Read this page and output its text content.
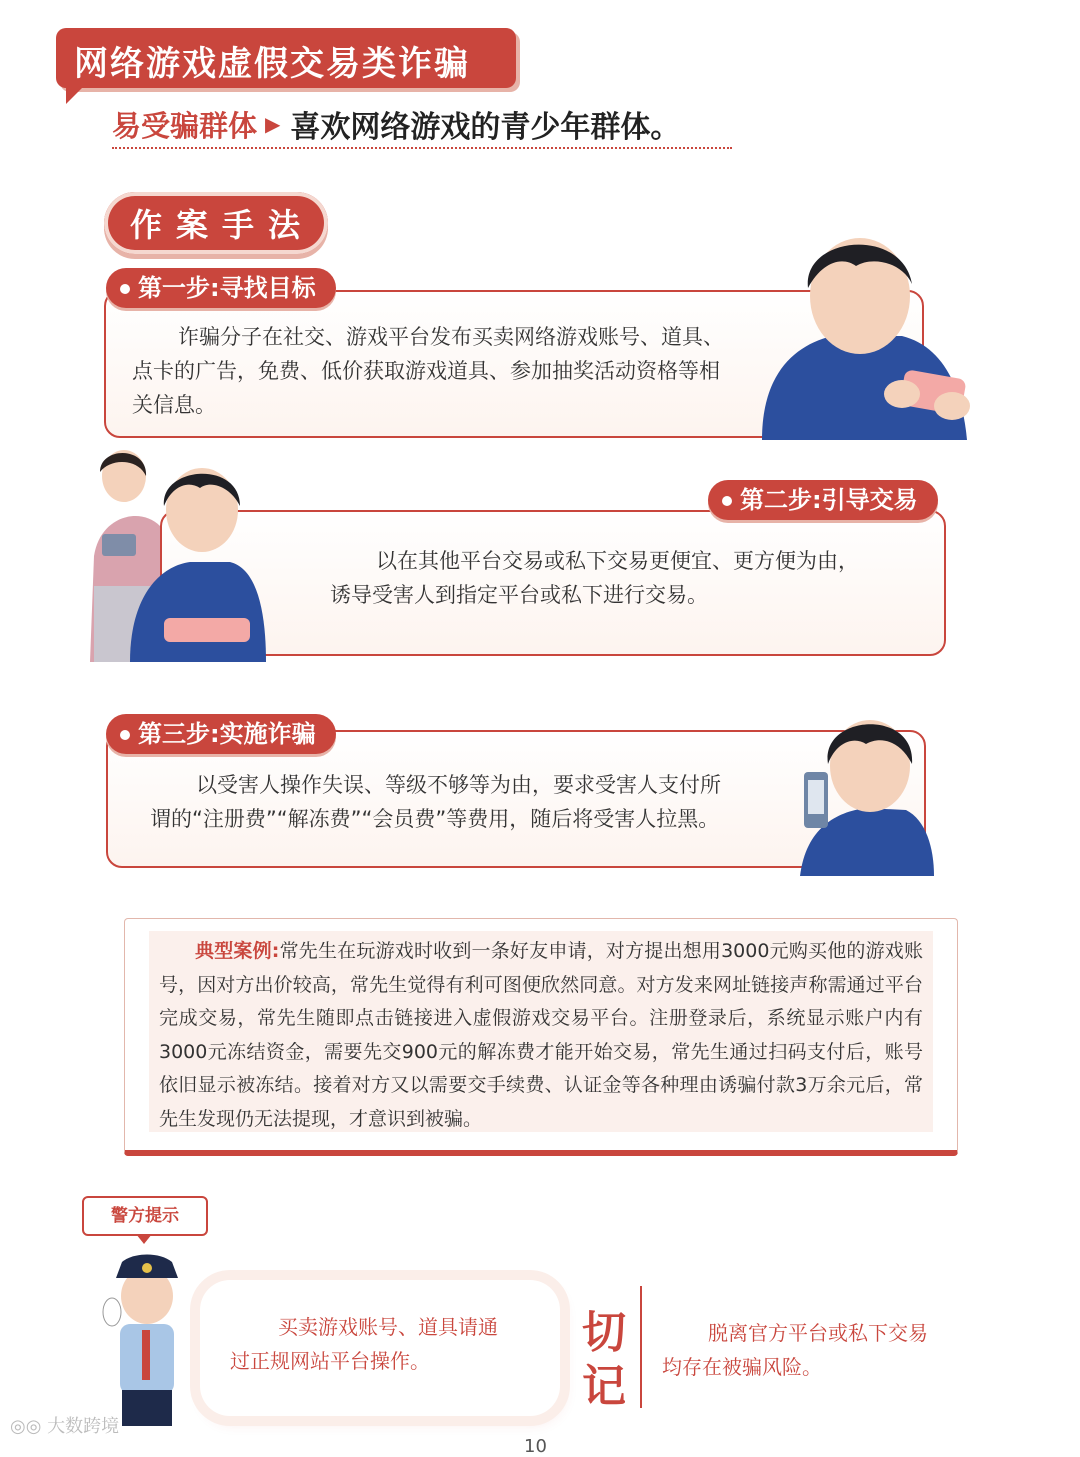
网络游戏虚假交易类诈骗
易受骗群体 ▶ 喜欢网络游戏的青少年群体。
作案手法
诈骗分子在社交、游戏平台发布买卖网络游戏账号、道具、
点卡的广告，免费、低价获取游戏道具、参加抽奖活动资格等相
关信息。
第一步:寻找目标
以在其他平台交易或私下交易更便宜、更方便为由，
诱导受害人到指定平台或私下进行交易。
第二步:引导交易
以受害人操作失误、等级不够等为由，要求受害人支付所
谓的“注册费”“解冻费”“会员费”等费用，随后将受害人拉黑。
第三步:实施诈骗
典型案例:常先生在玩游戏时收到一条好友申请，对方提出想用3000元购买他的游戏账号，因对方出价较高，常先生觉得有利可图便欣然同意。对方发来网址链接声称需通过平台完成交易，常先生随即点击链接进入虚假游戏交易平台。注册登录后，系统显示账户内有3000元冻结资金，需要先交900元的解冻费才能开始交易，常先生通过扫码支付后，账号依旧显示被冻结。接着对方又以需要交手续费、认证金等各种理由诱骗付款3万余元后，常先生发现仍无法提现，才意识到被骗。
警方提示
买卖游戏账号、道具请通
过正规网站平台操作。
切
记
脱离官方平台或私下交易
均存在被骗风险。
◎◎ 大数跨境
10
